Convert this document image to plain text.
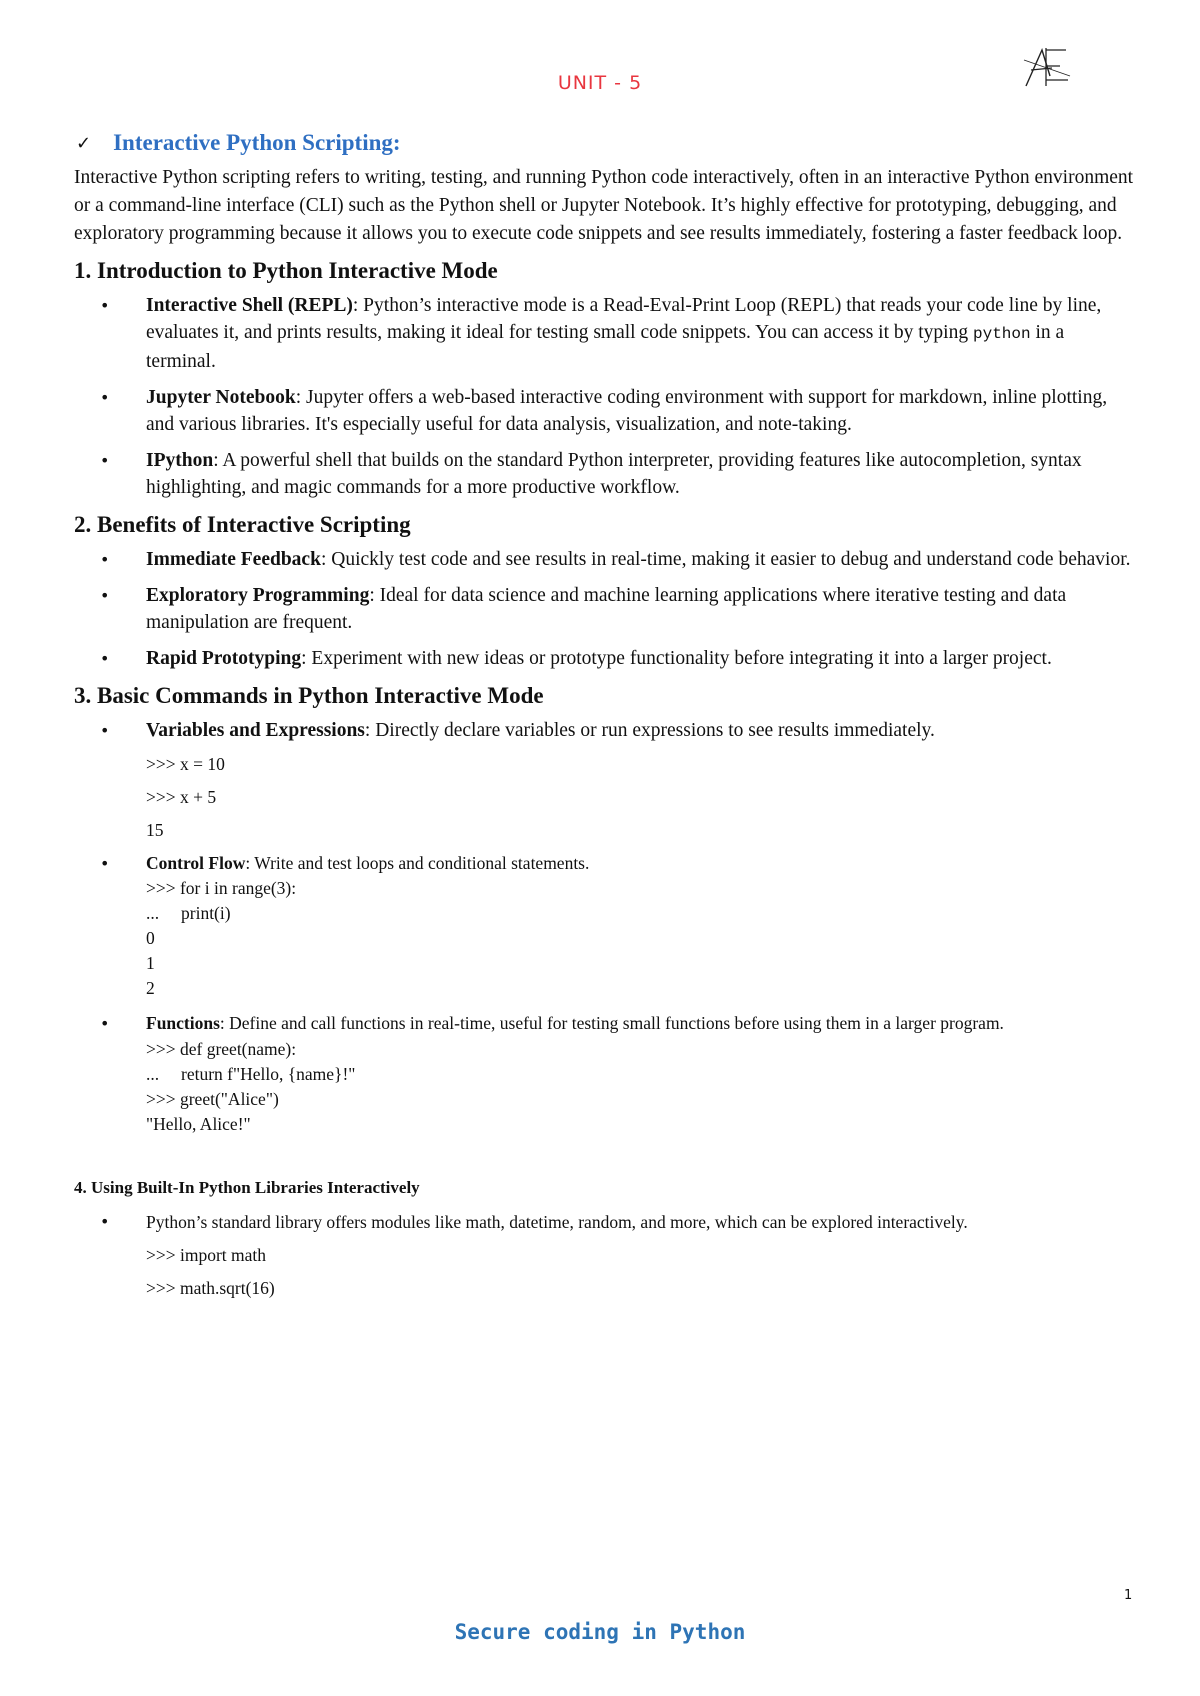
UNIT - 5
✓ Interactive Python Scripting:

Interactive Python scripting refers to writing, testing, and running Python code interactively, often in an interactive Python environment or a command-line interface (CLI) such as the Python shell or Jupyter Notebook. It’s highly effective for prototyping, debugging, and exploratory programming because it allows you to execute code snippets and see results immediately, fostering a faster feedback loop.

1. Introduction to Python Interactive Mode
• Interactive Shell (REPL): Python’s interactive mode is a Read-Eval-Print Loop (REPL) that reads your code line by line, evaluates it, and prints results, making it ideal for testing small code snippets. You can access it by typing python in a terminal.
• Jupyter Notebook: Jupyter offers a web-based interactive coding environment with support for markdown, inline plotting, and various libraries. It's especially useful for data analysis, visualization, and note-taking.
• IPython: A powerful shell that builds on the standard Python interpreter, providing features like autocompletion, syntax highlighting, and magic commands for a more productive workflow.
2. Benefits of Interactive Scripting
• Immediate Feedback: Quickly test code and see results in real-time, making it easier to debug and understand code behavior.
• Exploratory Programming: Ideal for data science and machine learning applications where iterative testing and data manipulation are frequent.
• Rapid Prototyping: Experiment with new ideas or prototype functionality before integrating it into a larger project.
3. Basic Commands in Python Interactive Mode
• Variables and Expressions: Directly declare variables or run expressions to see results immediately.
>>> x = 10
>>> x + 5
15
• Control Flow: Write and test loops and conditional statements.
>>> for i in range(3):
...     print(i)
0
1
2
• Functions: Define and call functions in real-time, useful for testing small functions before using them in a larger program.
>>> def greet(name):
...     return f"Hello, {name}!"
>>> greet("Alice")
"Hello, Alice!"
4. Using Built-In Python Libraries Interactively
• Python’s standard library offers modules like math, datetime, random, and more, which can be explored interactively.
>>> import math
>>> math.sqrt(16)
1
Secure coding in Python
